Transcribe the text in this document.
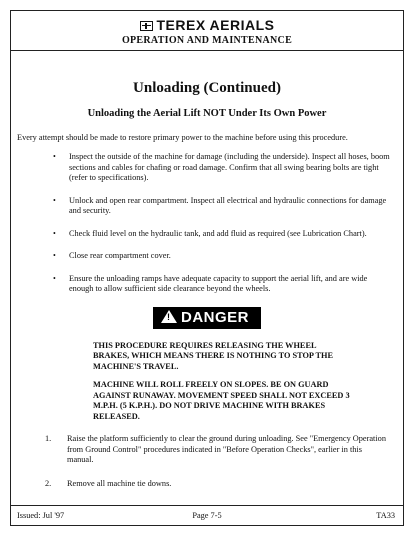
TEREX AERIALS
OPERATION AND MAINTENANCE
Unloading (Continued)
Unloading the Aerial Lift NOT Under Its Own Power

Every attempt should be made to restore primary power to the machine before using this procedure.

• Inspect the outside of the machine for damage (including the underside). Inspect all hoses, boom sections and cables for chafing or road damage. Confirm that all swing bearing bolts are tight (refer to specifications).
• Unlock and open rear compartment. Inspect all electrical and hydraulic connections for damage and security.
• Check fluid level on the hydraulic tank, and add fluid as required (see Lubrication Chart).
• Close rear compartment cover.
• Ensure the unloading ramps have adequate capacity to support the aerial lift, and are wide enough to allow sufficient side clearance beyond the wheels.
! DANGER

THIS PROCEDURE REQUIRES RELEASING THE WHEEL BRAKES, WHICH MEANS THERE IS NOTHING TO STOP THE MACHINE'S TRAVEL.

MACHINE WILL ROLL FREELY ON SLOPES. BE ON GUARD AGAINST RUNAWAY. MOVEMENT SPEED SHALL NOT EXCEED 3 M.P.H. (5 K.P.H.). DO NOT DRIVE MACHINE WITH BRAKES RELEASED.

1. Raise the platform sufficiently to clear the ground during unloading. See "Emergency Operation from Ground Control" procedures indicated in "Before Operation Checks", earlier in this manual.
2. Remove all machine tie downs.
Issued: Jul '97	Page 7-5	TA33
